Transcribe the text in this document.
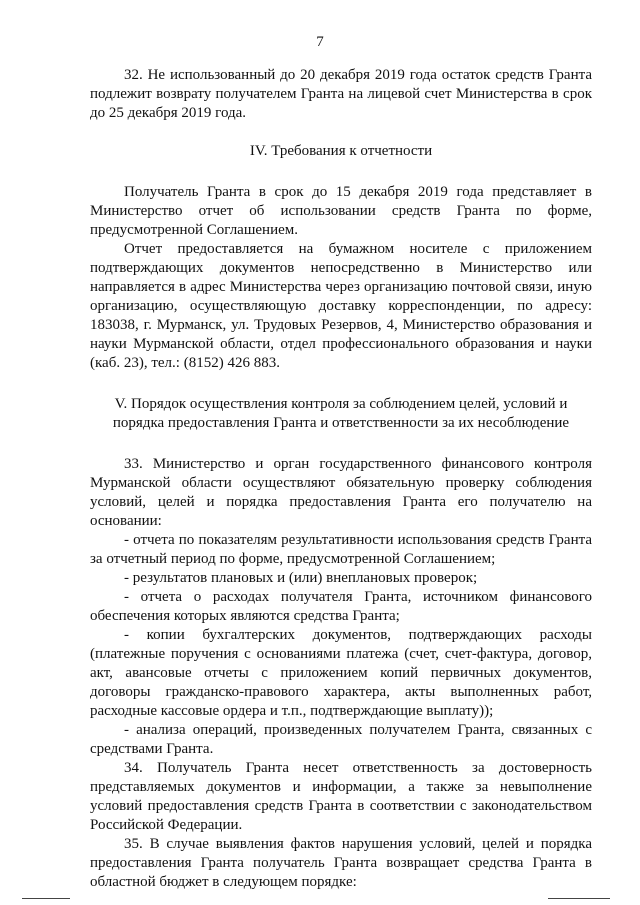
7

32. Не использованный до 20 декабря 2019 года остаток средств Гранта подлежит возврату получателем Гранта на лицевой счет Министерства в срок до 25 декабря 2019 года.

IV. Требования к отчетности

Получатель Гранта в срок до 15 декабря 2019 года представляет в Министерство отчет об использовании средств Гранта по форме, предусмотренной Соглашением.

Отчет предоставляется на бумажном носителе с приложением подтверждающих документов непосредственно в Министерство или направляется в адрес Министерства через организацию почтовой связи, иную организацию, осуществляющую доставку корреспонденции, по адресу: 183038, г. Мурманск, ул. Трудовых Резервов, 4, Министерство образования и науки Мурманской области, отдел профессионального образования и науки (каб. 23), тел.: (8152) 426 883.

V. Порядок осуществления контроля за соблюдением целей, условий и

порядка предоставления Гранта и ответственности за их несоблюдение

33. Министерство и орган государственного финансового контроля Мурманской области осуществляют обязательную проверку соблюдения условий, целей и порядка предоставления Гранта его получателю на основании:

- отчета по показателям результативности использования средств Гранта за отчетный период по форме, предусмотренной Соглашением;

- результатов плановых и (или) внеплановых проверок;

- отчета о расходах получателя Гранта, источником финансового обеспечения которых являются средства Гранта;

- копии бухгалтерских документов, подтверждающих расходы (платежные поручения с основаниями платежа (счет, счет-фактура, договор, акт, авансовые отчеты с приложением копий первичных документов, договоры гражданско-правового характера, акты выполненных работ, расходные кассовые ордера и т.п., подтверждающие выплату));

- анализа операций, произведенных получателем Гранта, связанных с средствами Гранта.

34. Получатель Гранта несет ответственность за достоверность представляемых документов и информации, а также за невыполнение условий предоставления средств Гранта в соответствии с законодательством Российской Федерации.

35. В случае выявления фактов нарушения условий, целей и порядка предоставления Гранта получатель Гранта возвращает средства Гранта в областной бюджет в следующем порядке:
